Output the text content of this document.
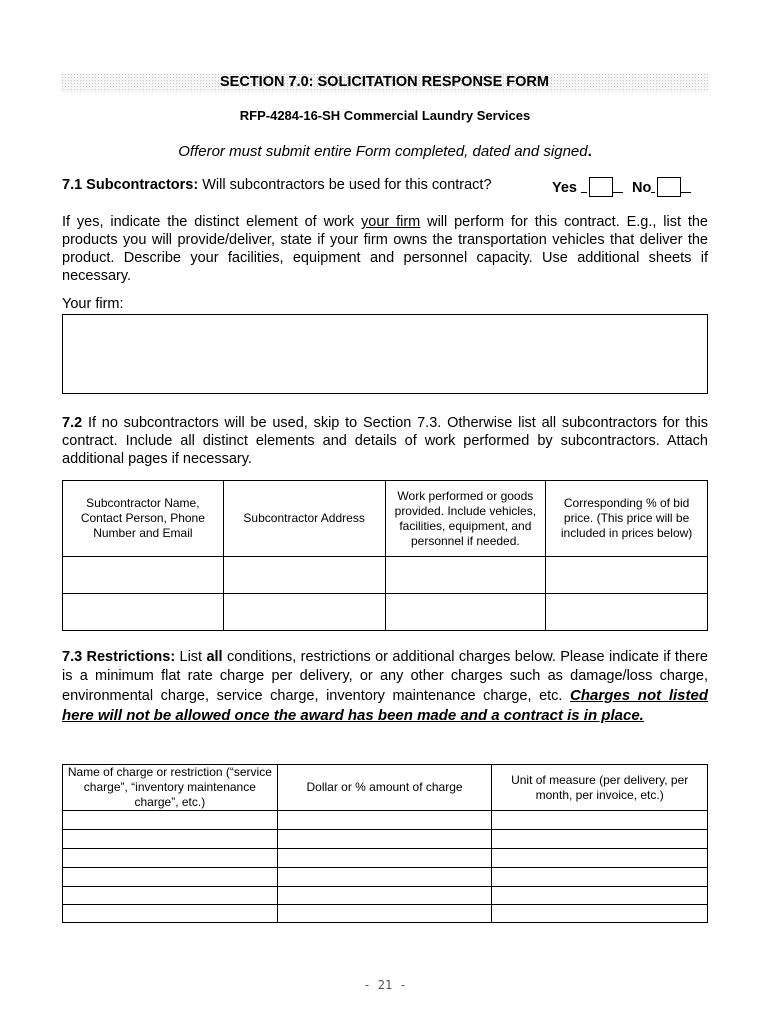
SECTION 7.0: SOLICITATION RESPONSE FORM
RFP-4284-16-SH Commercial Laundry Services
Offeror must submit entire Form completed, dated and signed.
7.1 Subcontractors: Will subcontractors be used for this contract?	Yes	No
If yes, indicate the distinct element of work your firm will perform for this contract. E.g., list the products you will provide/deliver, state if your firm owns the transportation vehicles that deliver the product. Describe your facilities, equipment and personnel capacity. Use additional sheets if necessary.
Your firm:
7.2 If no subcontractors will be used, skip to Section 7.3. Otherwise list all subcontractors for this contract. Include all distinct elements and details of work performed by subcontractors. Attach additional pages if necessary.
Subcontractor Name, Contact Person, Phone Number and Email	Subcontractor Address	Work performed or goods provided. Include vehicles, facilities, equipment, and personnel if needed.	Corresponding % of bid price. (This price will be included in prices below)

7.3 Restrictions: List all conditions, restrictions or additional charges below. Please indicate if there is a minimum flat rate charge per delivery, or any other charges such as damage/loss charge, environmental charge, service charge, inventory maintenance charge, etc. Charges not listed here will not be allowed once the award has been made and a contract is in place.
Name of charge or restriction (“service charge”, “inventory maintenance charge”, etc.)	Dollar or % amount of charge	Unit of measure (per delivery, per month, per invoice, etc.)

- 21 -
